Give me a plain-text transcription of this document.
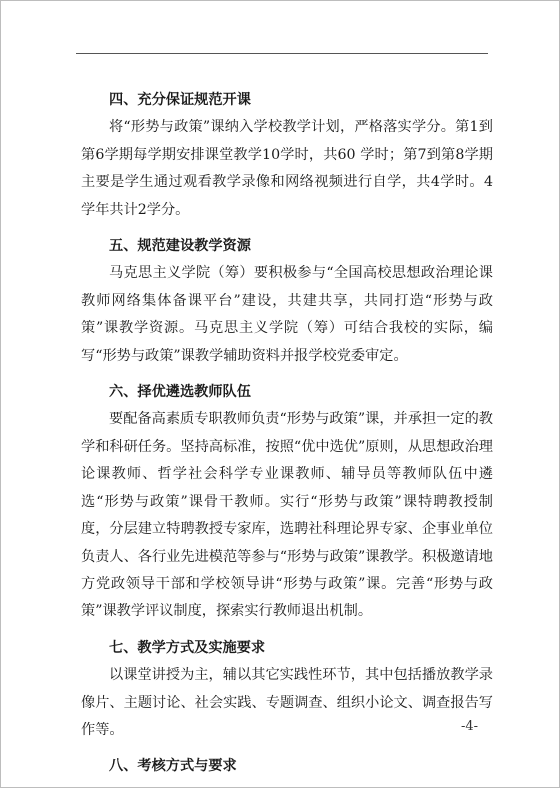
四、充分保证规范开课

将“形势与政策”课纳入学校教学计划，严格落实学分。第1到第6学期每学期安排课堂教学10学时，共60 学时；第7到第8学期主要是学生通过观看教学录像和网络视频进行自学，共4学时。4学年共计2学分。

五、规范建设教学资源

马克思主义学院（筹）要积极参与“全国高校思想政治理论课教师网络集体备课平台”建设，共建共享，共同打造“形势与政策”课教学资源。马克思主义学院（筹）可结合我校的实际，编写“形势与政策”课教学辅助资料并报学校党委审定。

六、择优遴选教师队伍

要配备高素质专职教师负责“形势与政策”课，并承担一定的教学和科研任务。坚持高标准，按照“优中选优”原则，从思想政治理论课教师、哲学社会科学专业课教师、辅导员等教师队伍中遴选“形势与政策”课骨干教师。实行“形势与政策”课特聘教授制度，分层建立特聘教授专家库，选聘社科理论界专家、企事业单位负责人、各行业先进模范等参与“形势与政策”课教学。积极邀请地方党政领导干部和学校领导讲“形势与政策”课。完善“形势与政策”课教学评议制度，探索实行教师退出机制。

七、教学方式及实施要求

以课堂讲授为主，辅以其它实践性环节，其中包括播放教学录像片、主题讨论、社会实践、专题调查、组织小论文、调查报告写作等。

八、考核方式与要求

-4-
